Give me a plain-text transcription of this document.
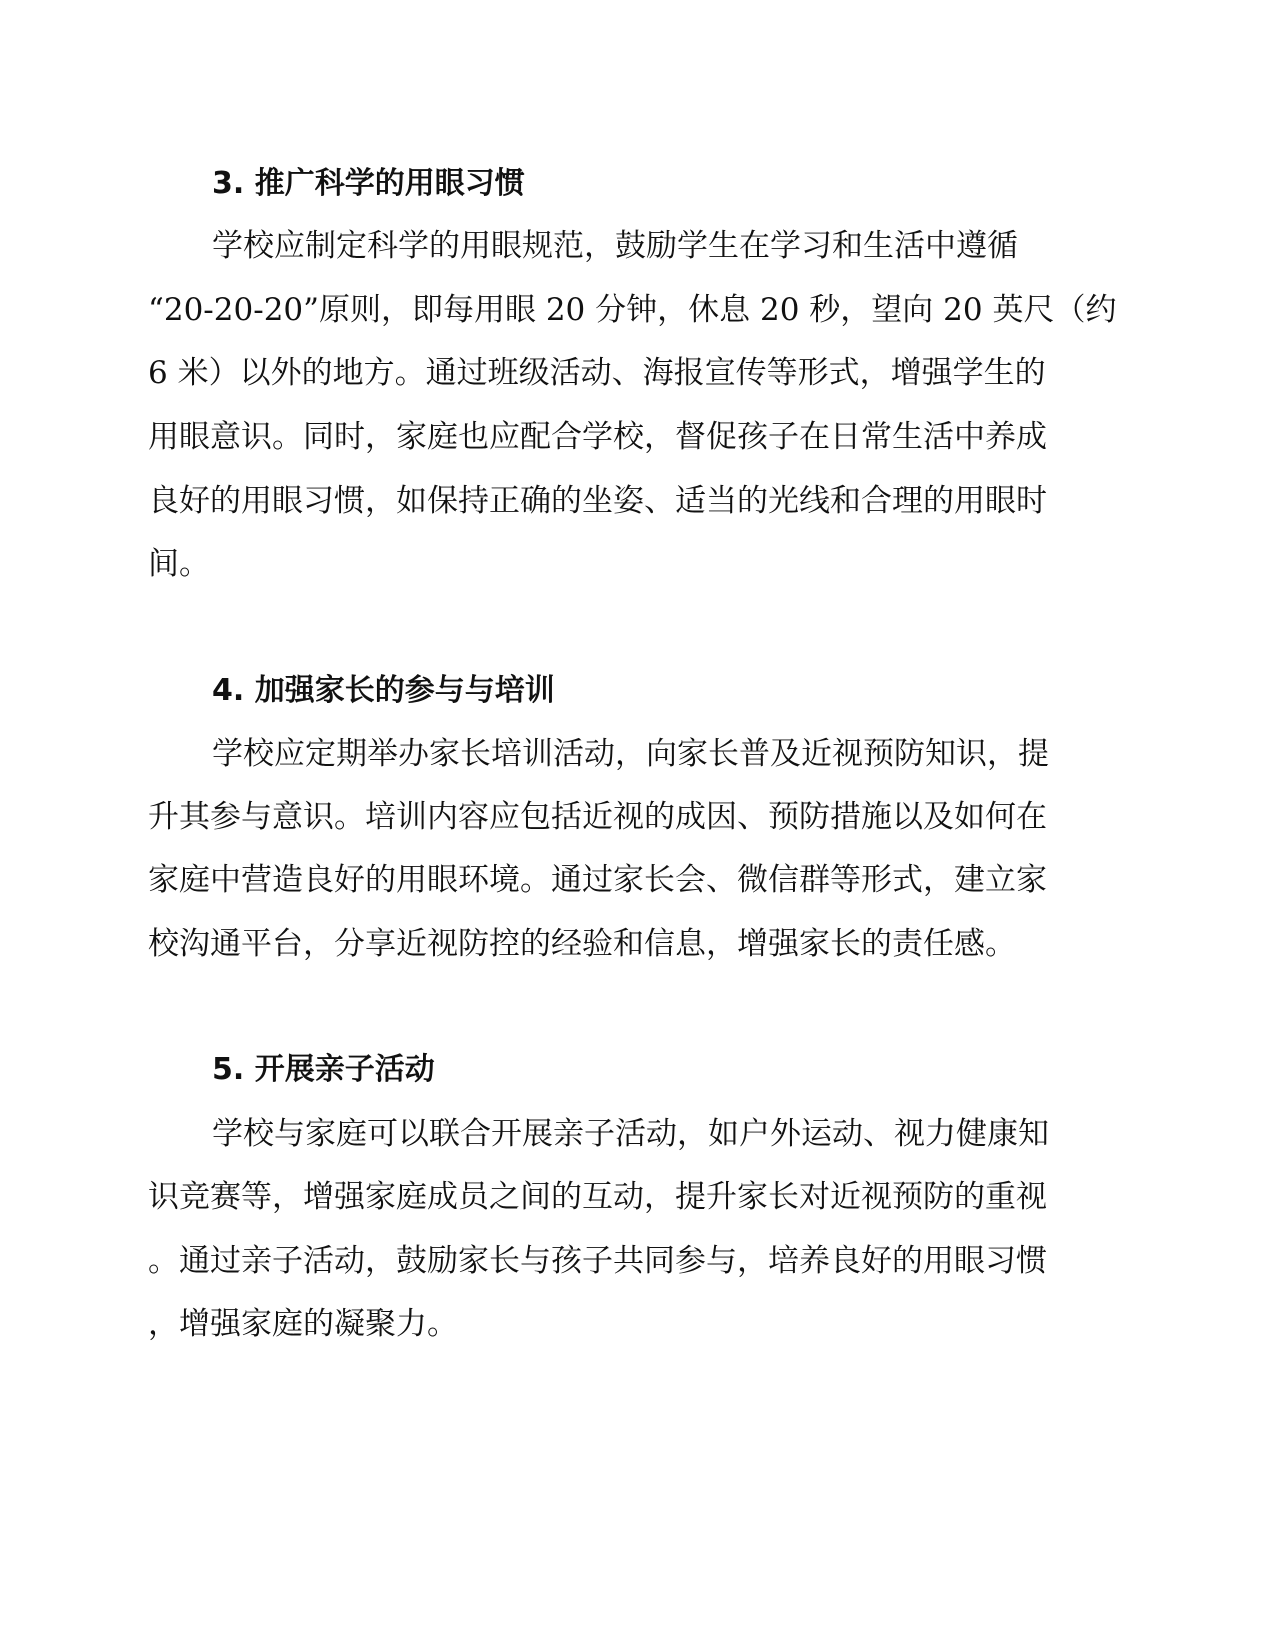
3. 推广科学的用眼习惯

学校应制定科学的用眼规范，鼓励学生在学习和生活中遵循

“20-20-20”原则，即每用眼 20 分钟，休息 20 秒，望向 20 英尺（约

6 米）以外的地方。通过班级活动、海报宣传等形式，增强学生的

用眼意识。同时，家庭也应配合学校，督促孩子在日常生活中养成

良好的用眼习惯，如保持正确的坐姿、适当的光线和合理的用眼时

间。

4. 加强家长的参与与培训

学校应定期举办家长培训活动，向家长普及近视预防知识，提

升其参与意识。培训内容应包括近视的成因、预防措施以及如何在

家庭中营造良好的用眼环境。通过家长会、微信群等形式，建立家

校沟通平台，分享近视防控的经验和信息，增强家长的责任感。

5. 开展亲子活动

学校与家庭可以联合开展亲子活动，如户外运动、视力健康知

识竞赛等，增强家庭成员之间的互动，提升家长对近视预防的重视

。通过亲子活动，鼓励家长与孩子共同参与，培养良好的用眼习惯

，增强家庭的凝聚力。
